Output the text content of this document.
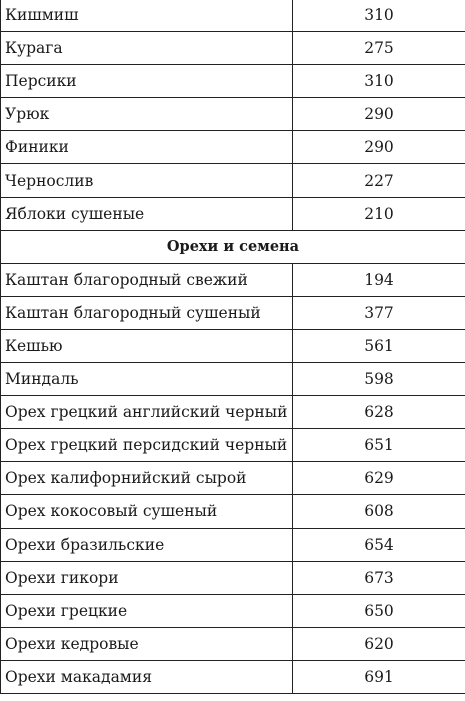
Кишмиш	310
Курага	275
Персики	310
Урюк	290
Финики	290
Чернослив	227
Яблоки сушеные	210
Орехи и семена	
Каштан благородный свежий	194
Каштан благородный сушеный	377
Кешью	561
Миндаль	598
Орех грецкий английский черный	628
Орех грецкий персидский черный	651
Орех калифорнийский сырой	629
Орех кокосовый сушеный	608
Орехи бразильские	654
Орехи гикори	673
Орехи грецкие	650
Орехи кедровые	620
Орехи макадамия	691
